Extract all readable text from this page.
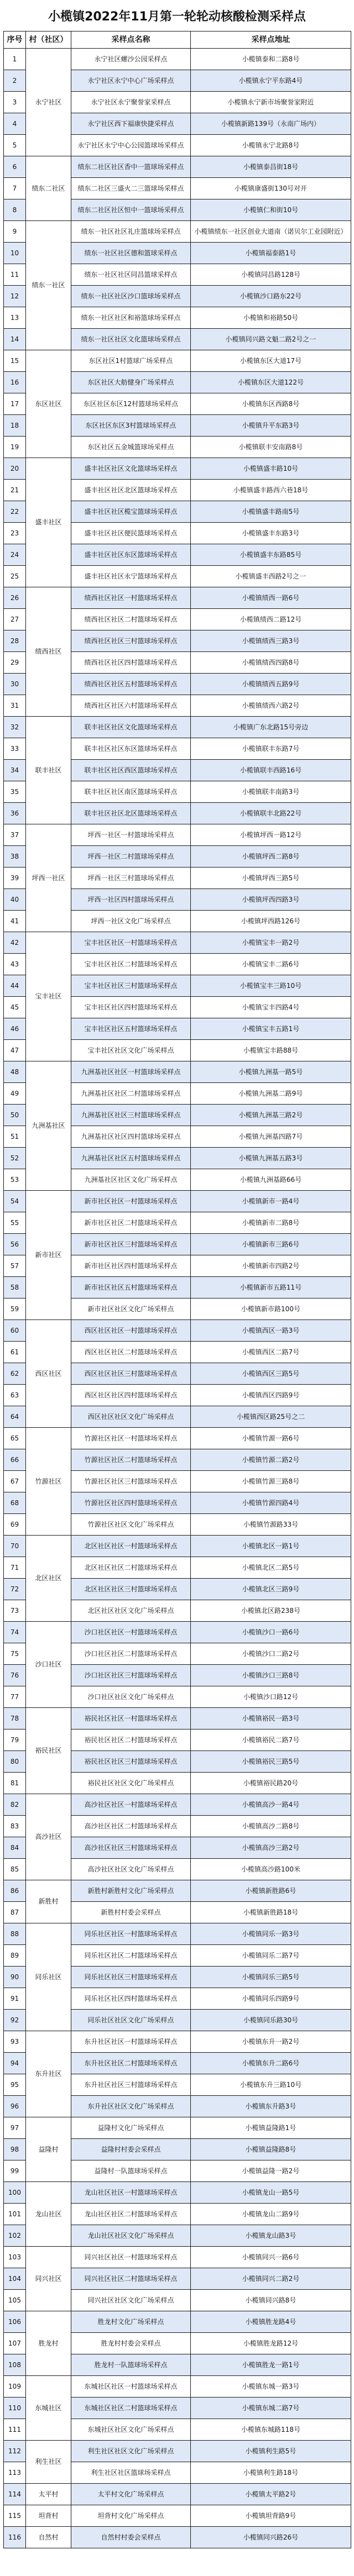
小榄镇2022年11月第一轮轮动核酸检测采样点
序号	村（社区）	采样点名称	采样点地址
1	永宁社区	永宁社区螺沙公园采样点	小榄镇泰和二路8号
2		永宁社区永宁中心广场采样点	小榄镇永宁平东路4号
3		永宁社区永宁聚誉家采样点	小榄镇永宁新市场聚誉家附近
4		永宁社区西下福康快捷采样点	小榄镇新路139号（永南广场内）
5		永宁社区永宁中心公园篮球场采样点	小榄镇永宁北路8号
6	绩东二社区	绩东二社区社区香中一篮球场采样点	小榄镇泰昌街18号
7		绩东二社区三盛火二三篮球场采样点	小榄镇康盛街130号对开
8		绩东二社区社区恒中一篮球场采样点	小榄镇仁和街10号
9	绩东一社区	绩东一社区社区礼庄篮球场采样点	小榄镇绩东一社区创业大道南（诺贝尔工业园附近）
10		绩东一社区社区德和篮球采样点	小榄镇福泰路1号
11		绩东一社区社区同昌篮球采样点	小榄镇同昌路128号
12		绩东一社区社区沙口篮球场采样点	小榄镇沙口路东22号
13		绩东一社区社区和裕篮球场采样点	小榄镇和裕路50号
14		绩东一社区社区文化篮球场采样点	小榄镇同兴路文魁二路2号之一
15	东区社区	东区社区1村篮球广场采样点	小榄镇东区大道17号
16		东区社区大舫健身广场采样点	小榄镇东区大道122号
17		东区社区东区12村篮球场采样点	小榄镇东区西路8号
18		东区社区东区3村篮球场采样点	小榄镇升平东路3号
19		东区社区五金城篮球场采样点	小榄镇联丰安南路8号
20	盛丰社区	盛丰社区社区文化篮球场采样点	小榄镇盛丰路10号
21		盛丰社区社区北区篮球场采样点	小榄镇盛丰路西六巷18号
22		盛丰社区社区榄宝篮球场采样点	小榄镇盛丰路南5号
23		盛丰社区社区便民篮球场采样点	小榄镇盛丰东路3号
24		盛丰社区社区东区篮球场采样点	小榄镇盛丰东路85号
25		盛丰社区社区永宁篮球场采样点	小榄镇盛丰西路2号之一
26	绩西社区	绩西社区社区一村篮球场采样点	小榄镇绩西一路6号
27		绩西社区社区二村篮球场采样点	小榄镇绩西二路12号
28		绩西社区社区三村篮球场采样点	小榄镇绩西三路3号
29		绩西社区社区四村篮球场采样点	小榄镇绩西四路8号
30		绩西社区社区五村篮球场采样点	小榄镇绩西五路9号
31		绩西社区社区六村篮球场采样点	小榄镇绩西六路2号
32	联丰社区	联丰社区社区文化篮球场采样点	小榄镇广东北路15号旁边
33		联丰社区社区东区篮球场采样点	小榄镇联丰东路7号
34		联丰社区社区西区篮球场采样点	小榄镇联丰西路16号
35		联丰社区社区南区篮球场采样点	小榄镇联丰南路3号
36		联丰社区社区北区篮球场采样点	小榄镇联丰北路22号
37	坪西一社区	坪西一社区一村篮球场采样点	小榄镇坪西一路12号
38		坪西一社区二村篮球场采样点	小榄镇坪西二路8号
39		坪西一社区三村篮球场采样点	小榄镇坪西三路5号
40		坪西一社区四村篮球场采样点	小榄镇坪西四路3号
41		坪西一社区文化广场采样点	小榄镇坪西路126号
42	宝丰社区	宝丰社区社区一村篮球场采样点	小榄镇宝丰一路2号
43		宝丰社区社区二村篮球场采样点	小榄镇宝丰二路6号
44		宝丰社区社区三村篮球场采样点	小榄镇宝丰三路10号
45		宝丰社区社区四村篮球场采样点	小榄镇宝丰四路4号
46		宝丰社区社区五村篮球场采样点	小榄镇宝丰五路1号
47		宝丰社区社区文化广场采样点	小榄镇宝丰路88号
48	九洲基社区	九洲基社区社区一村篮球场采样点	小榄镇九洲基一路5号
49		九洲基社区社区二村篮球场采样点	小榄镇九洲基二路9号
50		九洲基社区社区三村篮球场采样点	小榄镇九洲基三路2号
51		九洲基社区社区四村篮球场采样点	小榄镇九洲基四路7号
52		九洲基社区社区五村篮球场采样点	小榄镇九洲基五路3号
53		九洲基社区社区文化广场采样点	小榄镇九洲基路66号
54	新市社区	新市社区社区一村篮球场采样点	小榄镇新市一路4号
55		新市社区社区二村篮球场采样点	小榄镇新市二路8号
56		新市社区社区三村篮球场采样点	小榄镇新市三路6号
57		新市社区社区四村篮球场采样点	小榄镇新市四路2号
58		新市社区社区五村篮球场采样点	小榄镇新市五路11号
59		新市社区社区文化广场采样点	小榄镇新市路100号
60	西区社区	西区社区社区一村篮球场采样点	小榄镇西区一路3号
61		西区社区社区二村篮球场采样点	小榄镇西区二路7号
62		西区社区社区三村篮球场采样点	小榄镇西区三路5号
63		西区社区社区四村篮球场采样点	小榄镇西区四路9号
64		西区社区社区文化广场采样点	小榄镇西区路25号之二
65	竹源社区	竹源社区社区一村篮球场采样点	小榄镇竹源一路6号
66		竹源社区社区二村篮球场采样点	小榄镇竹源二路2号
67		竹源社区社区三村篮球场采样点	小榄镇竹源三路8号
68		竹源社区社区四村篮球场采样点	小榄镇竹源四路4号
69		竹源社区社区文化广场采样点	小榄镇竹源路33号
70	北区社区	北区社区社区一村篮球场采样点	小榄镇北区一路1号
71		北区社区社区二村篮球场采样点	小榄镇北区二路5号
72		北区社区社区三村篮球场采样点	小榄镇北区三路9号
73		北区社区社区文化广场采样点	小榄镇北区路238号
74	沙口社区	沙口社区社区一村篮球场采样点	小榄镇沙口一路6号
75		沙口社区社区二村篮球场采样点	小榄镇沙口二路2号
76		沙口社区社区三村篮球场采样点	小榄镇沙口三路8号
77		沙口社区社区文化广场采样点	小榄镇沙口路12号
78	裕民社区	裕民社区社区一村篮球场采样点	小榄镇裕民一路3号
79		裕民社区社区二村篮球场采样点	小榄镇裕民二路7号
80		裕民社区社区三村篮球场采样点	小榄镇裕民三路5号
81		裕民社区社区文化广场采样点	小榄镇裕民路20号
82	高沙社区	高沙社区社区一村篮球场采样点	小榄镇高沙一路4号
83		高沙社区社区二村篮球场采样点	小榄镇高沙二路8号
84		高沙社区社区三村篮球场采样点	小榄镇高沙三路2号
85		高沙社区社区文化广场采样点	小榄镇高沙路100米
86	新胜村	新胜村新胜村文化广场采样点	小榄镇新胜路6号
87		新胜村村委会采样点	小榄镇新胜路18号
88	同乐社区	同乐社区社区一村篮球场采样点	小榄镇同乐一路3号
89		同乐社区社区二村篮球场采样点	小榄镇同乐二路7号
90		同乐社区社区三村篮球场采样点	小榄镇同乐三路5号
91		同乐社区社区四村篮球场采样点	小榄镇同乐四路9号
92		同乐社区社区文化广场采样点	小榄镇同乐路30号
93	东升社区	东升社区社区一村篮球场采样点	小榄镇东升一路2号
94		东升社区社区二村篮球场采样点	小榄镇东升二路6号
95		东升社区社区三村篮球场采样点	小榄镇东升三路10号
96		东升社区社区文化广场采样点	小榄镇东升路3号
97	益隆村	益隆村文化广场采样点	小榄镇益隆路1号
98		益隆村村委会采样点	小榄镇益隆路8号
99		益隆村一队篮球场采样点	小榄镇益隆一路2号
100	龙山社区	龙山社区社区一村篮球场采样点	小榄镇龙山一路5号
101		龙山社区社区二村篮球场采样点	小榄镇龙山二路9号
102		龙山社区社区文化广场采样点	小榄镇龙山路3号
103	同兴社区	同兴社区社区一村篮球场采样点	小榄镇同兴一路6号
104		同兴社区社区二村篮球场采样点	小榄镇同兴二路2号
105		同兴社区社区文化广场采样点	小榄镇同兴路8号
106	胜龙村	胜龙村文化广场采样点	小榄镇胜龙路4号
107		胜龙村村委会采样点	小榄镇胜龙路12号
108		胜龙村一队篮球场采样点	小榄镇胜龙一路1号
109	东城社区	东城社区社区一村篮球场采样点	小榄镇东城一路3号
110		东城社区社区二村篮球场采样点	小榄镇东城二路7号
111		东城社区社区文化广场采样点	小榄镇东城路118号
112	利生社区	利生社区社区文化广场采样点	小榄镇利生路5号
113		利生社区社区篮球场采样点	小榄镇利生路18号
114	太平村	太平村文化广场采样点	小榄镇太平路2号
115	坦背村	坦背村文化广场采样点	小榄镇坦背路9号
116	自然村	自然村村委会采样点	小榄镇同兴路26号
